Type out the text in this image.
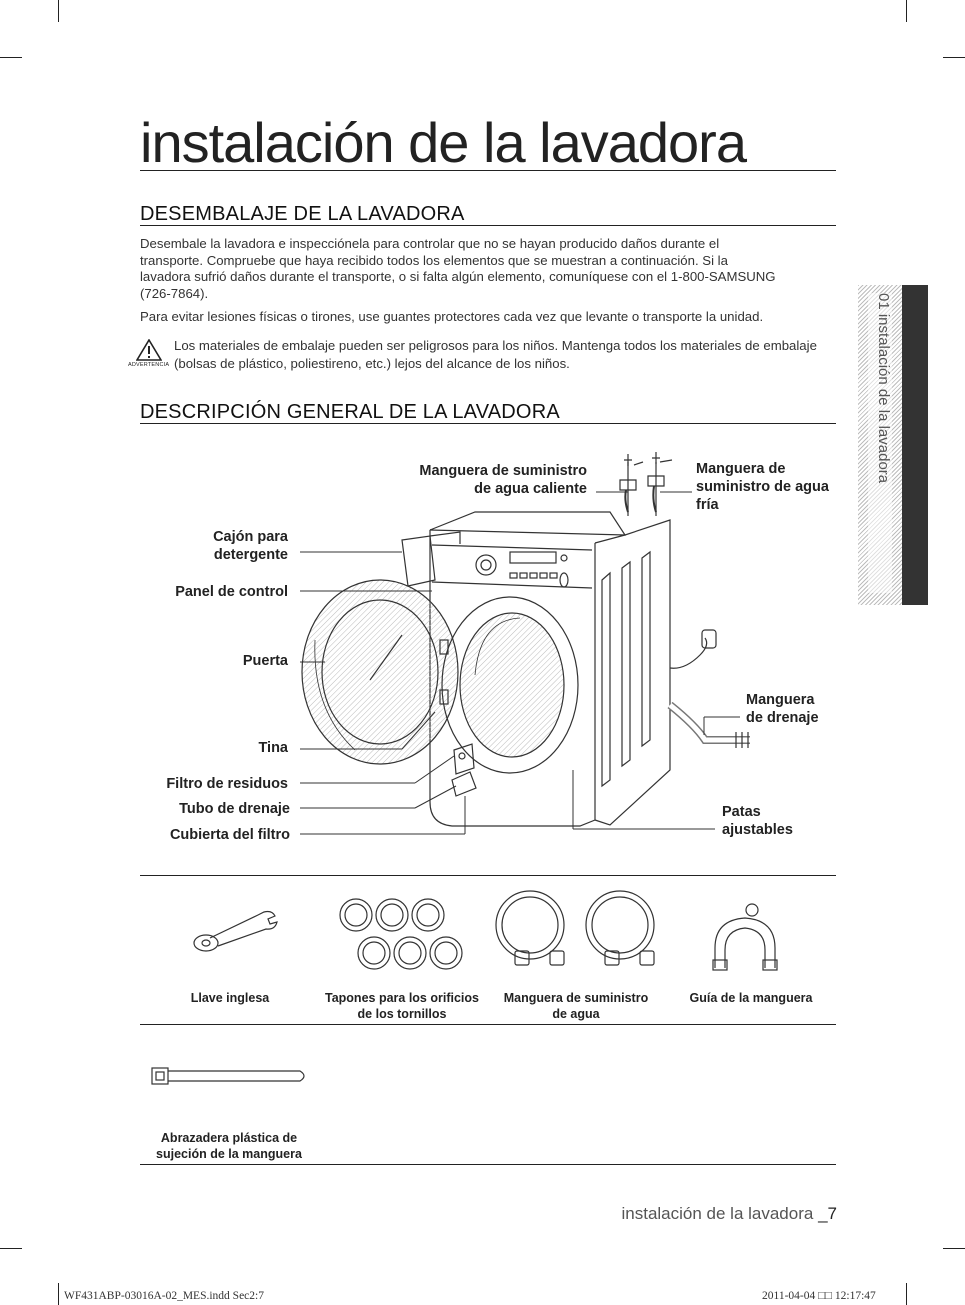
01 instalación de la lavadora
instalación de la lavadora
DESEMBALAJE DE LA LAVADORA

Desembale la lavadora e inspecciónela para controlar que no se hayan producido daños durante el transporte. Compruebe que haya recibido todos los elementos que se muestran a continuación. Si la lavadora sufrió daños durante el transporte, o si falta algún elemento, comuníquese con el 1-800-SAMSUNG (726-7864).

Para evitar lesiones físicas o tirones, use guantes protectores cada vez que levante o transporte la unidad.

ADVERTENCIA
Los materiales de embalaje pueden ser peligrosos para los niños. Mantenga todos los materiales de embalaje (bolsas de plástico, poliestireno, etc.) lejos del alcance de los niños.
DESCRIPCIÓN GENERAL DE LA LAVADORA
Manguera de suministro
de agua caliente
Manguera de
suministro de agua
fría
Cajón para
detergente
Panel de control
Puerta
Tina
Filtro de residuos
Tubo de drenaje
Cubierta del filtro
Manguera
de drenaje
Patas
ajustables
Llave inglesa	Tapones para los orificios de los tornillos
Manguera de suministro de agua
Guía de la manguera
Abrazadera plástica de sujeción de la manguera
instalación de la lavadora _7
WF431ABP-03016A-02_MES.indd Sec2:7	2011-04-04 □□ 12:17:47
